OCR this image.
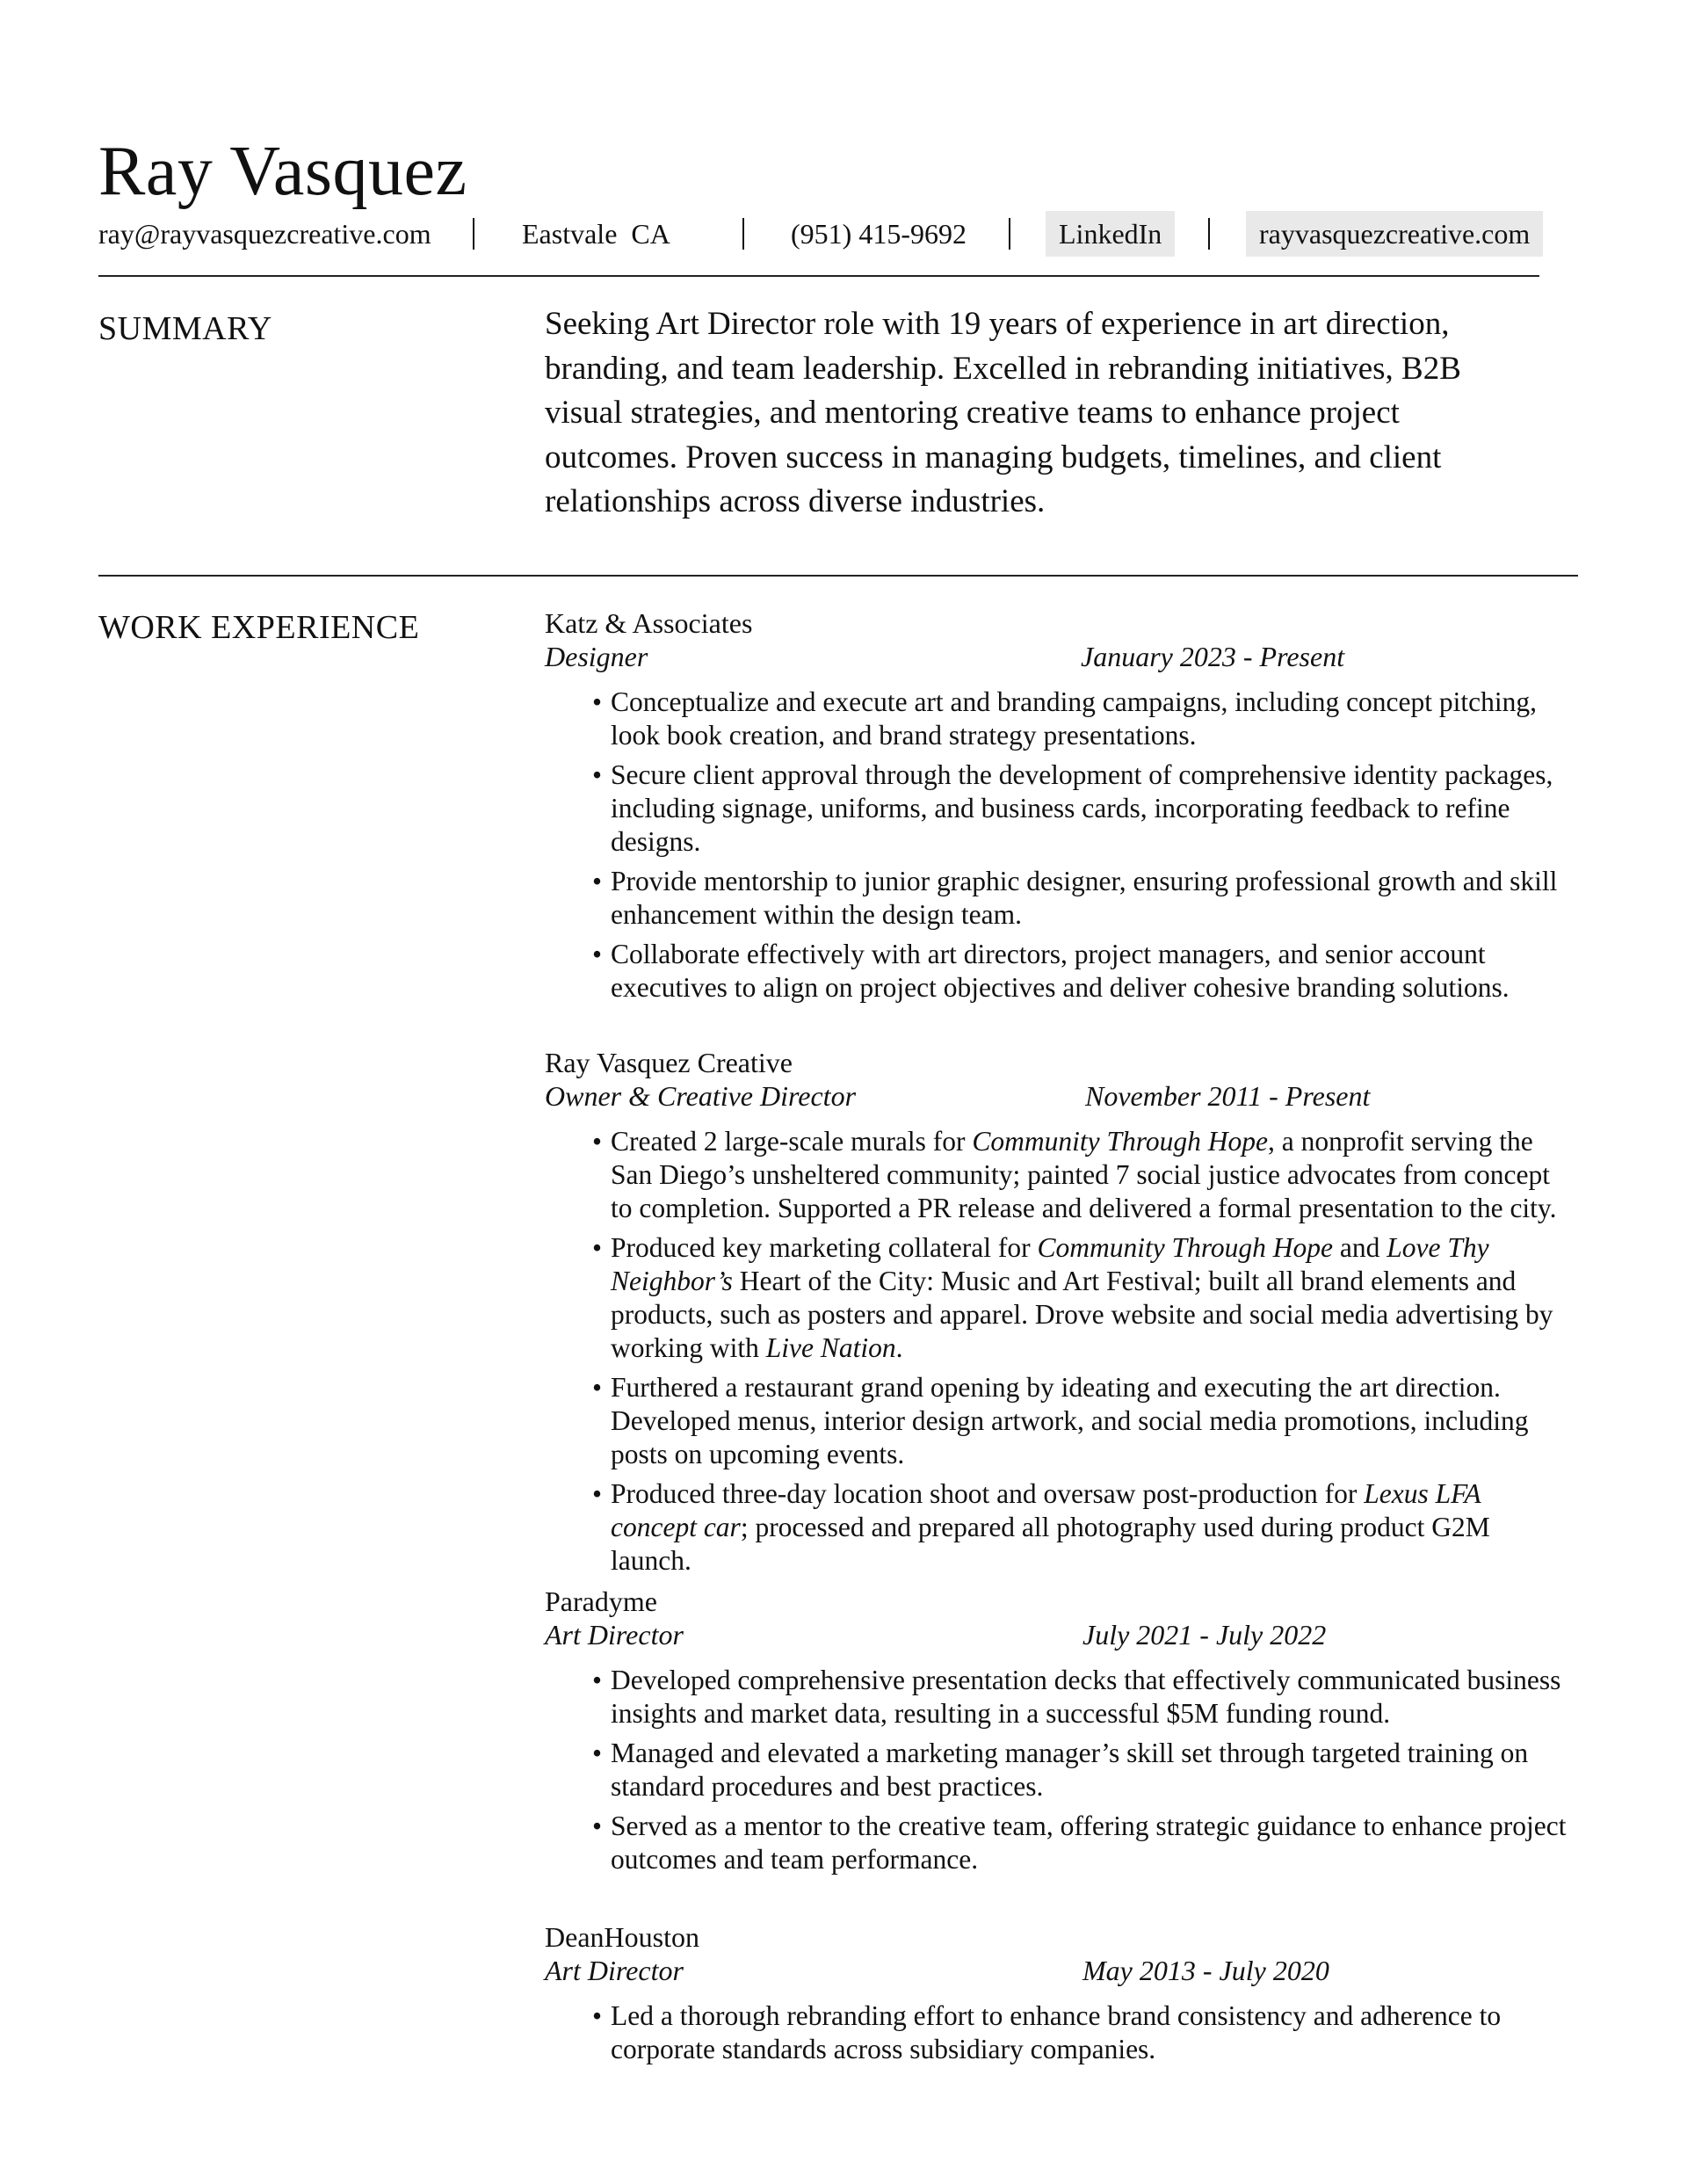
Ray Vasquez
ray@rayvasquezcreative.com	Eastvale  CA	(951) 415-9692	LinkedIn	rayvasquezcreative.com
SUMMARY	Seeking Art Director role with 19 years of experience in art direction, branding, and team leadership. Excelled in rebranding initiatives, B2B visual strategies, and mentoring creative teams to enhance project outcomes. Proven success in managing budgets, timelines, and client relationships across diverse industries.

WORK EXPERIENCE	Katz & Associates

Designer	January 2023 - Present
• Conceptualize and execute art and branding campaigns, including concept pitching, look book creation, and brand strategy presentations.
• Secure client approval through the development of comprehensive identity packages, including signage, uniforms, and business cards, incorporating feedback to refine designs.
• Provide mentorship to junior graphic designer, ensuring professional growth and skill enhancement within the design team.
• Collaborate effectively with art directors, project managers, and senior account executives to align on project objectives and deliver cohesive branding solutions.

Ray Vasquez Creative

Owner & Creative Director	November 2011 - Present
• Created 2 large-scale murals for Community Through Hope, a nonprofit serving the San Diego’s unsheltered community; painted 7 social justice advocates from concept to completion. Supported a PR release and delivered a formal presentation to the city.
• Produced key marketing collateral for Community Through Hope and Love Thy Neighbor’s Heart of the City: Music and Art Festival; built all brand elements and products, such as posters and apparel. Drove website and social media advertising by working with Live Nation.
• Furthered a restaurant grand opening by ideating and executing the art direction. Developed menus, interior design artwork, and social media promotions, including posts on upcoming events.
• Produced three-day location shoot and oversaw post-production for Lexus LFA concept car; processed and prepared all photography used during product G2M launch.

Paradyme

Art Director	July 2021 - July 2022
• Developed comprehensive presentation decks that effectively communicated business insights and market data, resulting in a successful $5M funding round.
• Managed and elevated a marketing manager’s skill set through targeted training on standard procedures and best practices.
• Served as a mentor to the creative team, offering strategic guidance to enhance project outcomes and team performance.

DeanHouston

Art Director	May 2013 - July 2020
• Led a thorough rebranding effort to enhance brand consistency and adherence to corporate standards across subsidiary companies.
